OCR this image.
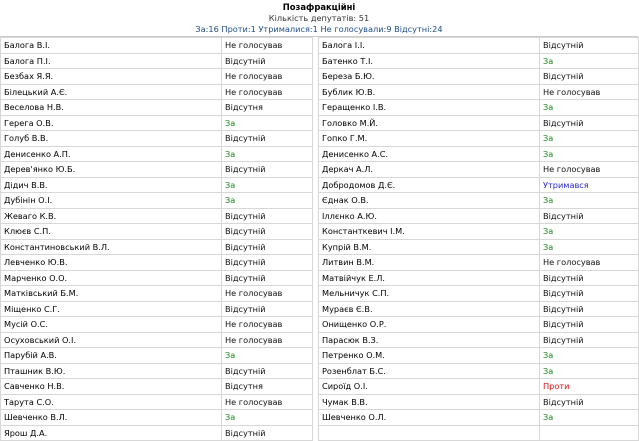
Позафракційні
Кількість депутатів: 51
За:16 Проти:1 Утрималися:1 Не голосували:9 Відсутні:24
Балога В.І.	Не голосував		Балога І.І.	Відсутній
Балога П.І.	Відсутній		Батенко Т.І.	За
Безбах Я.Я.	Не голосував		Береза Б.Ю.	Відсутній
Білецький А.Є.	Не голосував		Бублик Ю.В.	Не голосував
Веселова Н.В.	Відсутня		Геращенко І.В.	За
Герега О.В.	За		Головко М.Й.	Відсутній
Голуб В.В.	Відсутній		Гопко Г.М.	За
Денисенко А.П.	За		Денисенко А.С.	За
Дерев'янко Ю.Б.	Відсутній		Деркач А.Л.	Не голосував
Дідич В.В.	За		Добродомов Д.Є.	Утримався
Дубінін О.І.	За		Єднак О.В.	За
Жеваго К.В.	Відсутній		Іллєнко А.Ю.	Відсутній
Клюєв С.П.	Відсутній		Константкевич І.М.	За
Константиновський В.Л.	Відсутній		Купрій В.М.	За
Левченко Ю.В.	Відсутній		Литвин В.М.	Не голосував
Марченко О.О.	Відсутній		Матвійчук Е.Л.	Відсутній
Матківський Б.М.	Не голосував		Мельничук С.П.	Відсутній
Міщенко С.Г.	Відсутній		Мураєв Є.В.	Відсутній
Мусій О.С.	Не голосував		Онищенко О.Р.	Відсутній
Осуховський О.І.	Не голосував		Парасюк В.З.	Відсутній
Парубій А.В.	За		Петренко О.М.	За
Пташник В.Ю.	Відсутній		Розенблат Б.С.	За
Савченко Н.В.	Відсутня		Сироїд О.І.	Проти
Тарута С.О.	Не голосував		Чумак В.В.	Відсутній
Шевченко В.Л.	За		Шевченко О.Л.	За
Ярош Д.А.	Відсутній			
